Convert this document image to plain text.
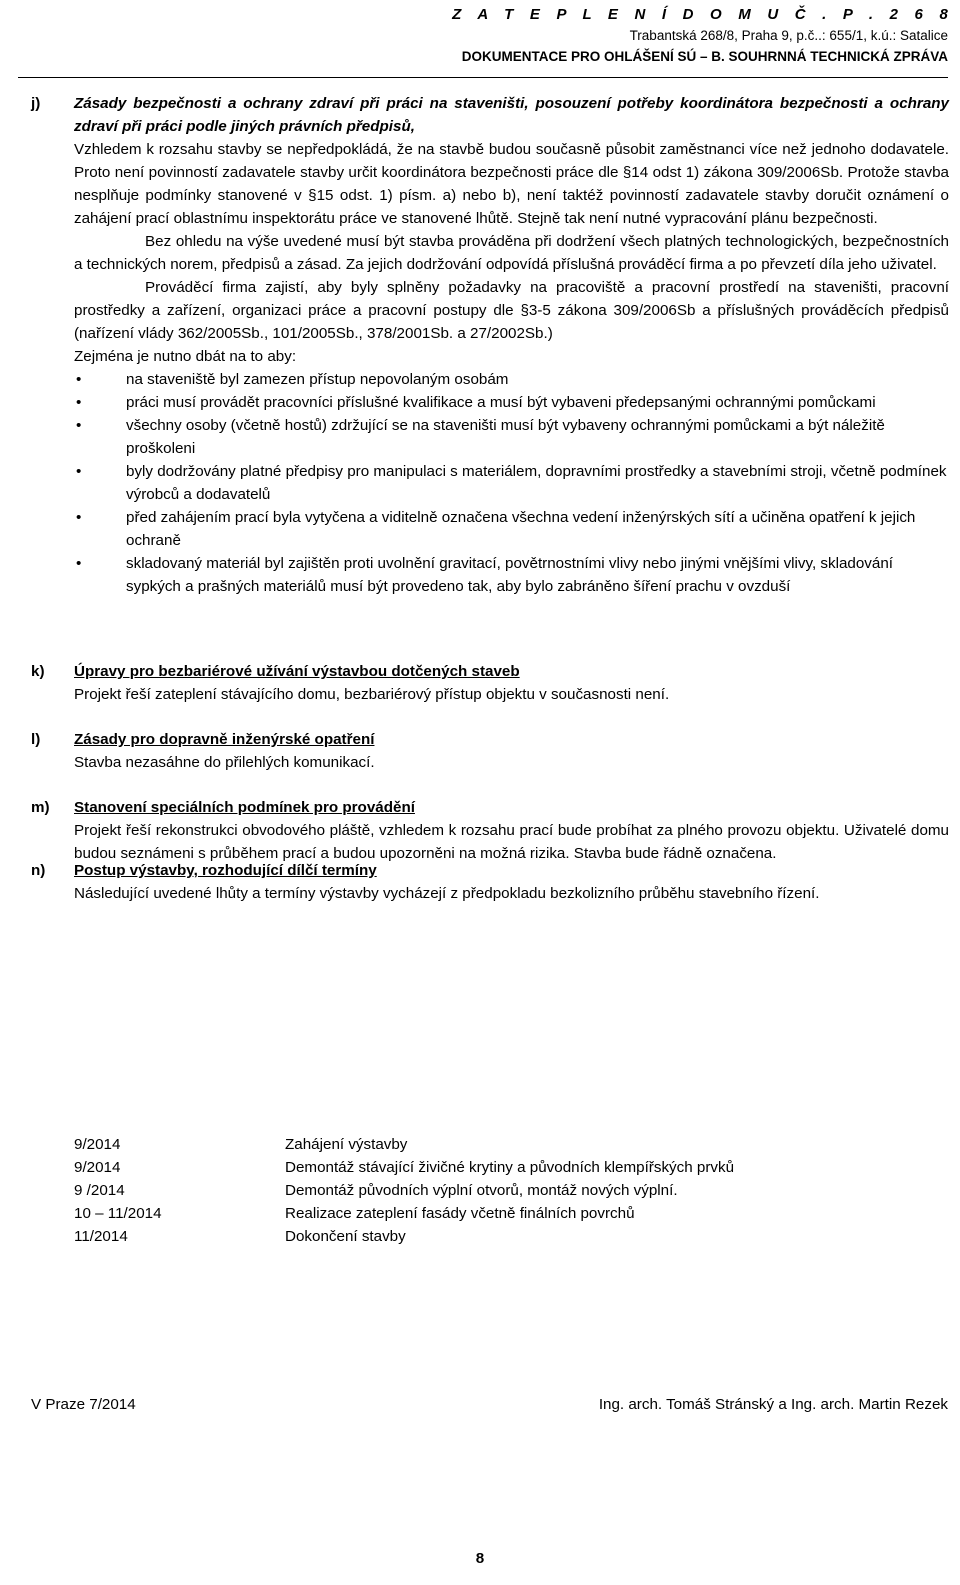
Z A T E P L E N Í D O M U Č . P . 2 6 8
Trabantská 268/8, Praha 9, p.č..: 655/1, k.ú.: Satalice
DOKUMENTACE PRO OHLÁŠENÍ SÚ – B. SOUHRNNÁ TECHNICKÁ ZPRÁVA
j) Zásady bezpečnosti a ochrany zdraví při práci na staveništi, posouzení potřeby koordinátora bezpečnosti a ochrany zdraví při práci podle jiných právních předpisů,

Vzhledem k rozsahu stavby se nepředpokládá, že na stavbě budou současně působit zaměstnanci více než jednoho dodavatele. Proto není povinností zadavatele stavby určit koordinátora bezpečnosti práce dle §14 odst 1) zákona 309/2006Sb. Protože stavba nesplňuje podmínky stanovené v §15 odst. 1) písm. a) nebo b), není taktéž povinností zadavatele stavby doručit oznámení o zahájení prací oblastnímu inspektorátu práce ve stanovené lhůtě. Stejně tak není nutné vypracování plánu bezpečnosti.

Bez ohledu na výše uvedené musí být stavba prováděna při dodržení všech platných technologických, bezpečnostních a technických norem, předpisů a zásad. Za jejich dodržování odpovídá příslušná prováděcí firma a po převzetí díla jeho uživatel.

Prováděcí firma zajistí, aby byly splněny požadavky na pracoviště a pracovní prostředí na staveništi, pracovní prostředky a zařízení, organizaci práce a pracovní postupy dle §3-5 zákona 309/2006Sb a příslušných prováděcích předpisů (nařízení vlády 362/2005Sb., 101/2005Sb., 378/2001Sb. a 27/2002Sb.)

Zejména je nutno dbát na to aby:

•	na staveniště byl zamezen přístup nepovolaným osobám
•	práci musí provádět pracovníci příslušné kvalifikace a musí být vybaveni předepsanými ochrannými pomůckami
•	všechny osoby (včetně hostů) zdržující se na staveništi musí být vybaveny ochrannými pomůckami a být náležitě proškoleni
•	byly dodržovány platné předpisy pro manipulaci s materiálem, dopravními prostředky a stavebními stroji, včetně podmínek výrobců a dodavatelů
•	před zahájením prací byla vytyčena a viditelně označena všechna vedení inženýrských sítí a učiněna opatření k jejich ochraně
•	skladovaný materiál byl zajištěn proti uvolnění gravitací, povětrnostními vlivy nebo jinými vnějšími vlivy, skladování sypkých a prašných materiálů musí být provedeno tak, aby bylo zabráněno šíření prachu v ovzduší
k) Úpravy pro bezbariérové užívání výstavbou dotčených staveb

Projekt řeší zateplení stávajícího domu, bezbariérový přístup objektu v současnosti není.

l) Zásady pro dopravně inženýrské opatření

Stavba nezasáhne do přilehlých komunikací.

m) Stanovení speciálních podmínek pro provádění

Projekt řeší rekonstrukci obvodového pláště, vzhledem k rozsahu prací bude probíhat za plného provozu objektu. Uživatelé domu budou seznámeni s průběhem prací a budou upozorněni na možná rizika. Stavba bude řádně označena.

n) Postup výstavby, rozhodující dílčí termíny

Následující uvedené lhůty a termíny výstavby vycházejí z předpokladu bezkolizního průběhu stavebního řízení.

9/2014	Zahájení výstavby
9/2014	Demontáž stávající živičné krytiny a původních klempířských prvků
9 /2014	Demontáž původních výplní otvorů, montáž nových výplní.
10 – 11/2014	Realizace zateplení fasády včetně finálních povrchů
11/2014	Dokončení stavby
V Praze 7/2014	Ing. arch. Tomáš Stránský a Ing. arch. Martin Rezek
8
